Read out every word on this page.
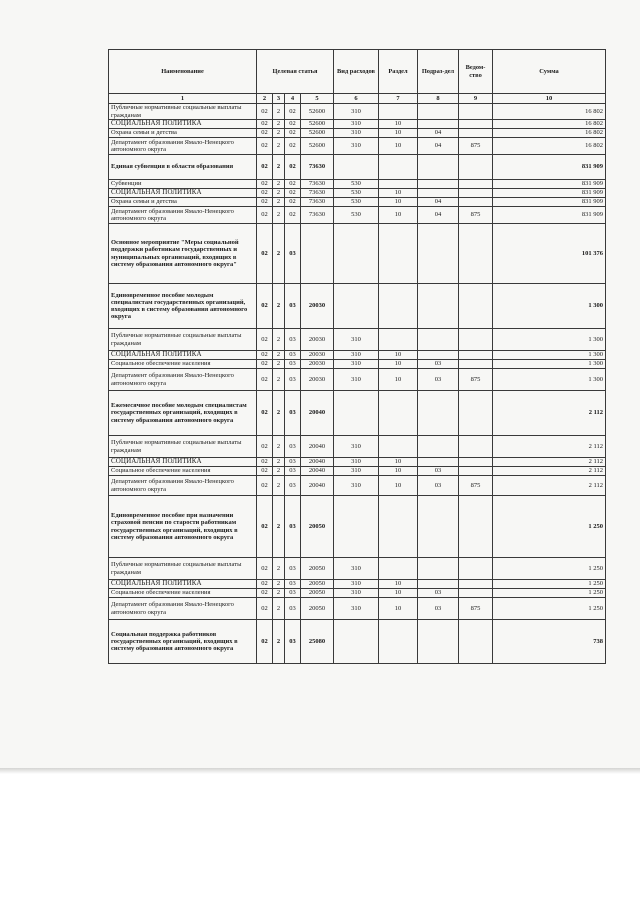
Наименование	Целевая статья				Вид расходов	Раздел	Подраз-дел	Ведом-ство	Сумма
1	2	3	4	5	6	7	8	9	10
Публичные нормативные социальные выплаты гражданам	02	2	02	52600	310				16 802
СОЦИАЛЬНАЯ ПОЛИТИКА	02	2	02	52600	310	10			16 802
Охрана семьи и детства	02	2	02	52600	310	10	04		16 802
Департамент образования Ямало-Ненецкого автономного округа	02	2	02	52600	310	10	04	875	16 802
Единая субвенция в области образования	02	2	02	73630					831 909
Субвенции	02	2	02	73630	530				831 909
СОЦИАЛЬНАЯ ПОЛИТИКА	02	2	02	73630	530	10			831 909
Охрана семьи и детства	02	2	02	73630	530	10	04		831 909
Департамент образования Ямало-Ненецкого автономного округа	02	2	02	73630	530	10	04	875	831 909
Основное мероприятие "Меры социальной поддержки работникам государственных и муниципальных организаций, входящих в систему образования автономного округа"	02	2	03						101 376
Единовременное пособие молодым специалистам государственных организаций, входящих в систему образования автономного округа	02	2	03	20030					1 300
Публичные нормативные социальные выплаты гражданам	02	2	03	20030	310				1 300
СОЦИАЛЬНАЯ ПОЛИТИКА	02	2	03	20030	310	10			1 300
Социальное обеспечение населения	02	2	03	20030	310	10	03		1 300
Департамент образования Ямало-Ненецкого автономного округа	02	2	03	20030	310	10	03	875	1 300
Ежемесячное пособие молодым специалистам государственных организаций, входящих в систему образования автономного округа	02	2	03	20040					2 112
Публичные нормативные социальные выплаты гражданам	02	2	03	20040	310				2 112
СОЦИАЛЬНАЯ ПОЛИТИКА	02	2	03	20040	310	10			2 112
Социальное обеспечение населения	02	2	03	20040	310	10	03		2 112
Департамент образования Ямало-Ненецкого автономного округа	02	2	03	20040	310	10	03	875	2 112
Единовременное пособие при назначении страховой пенсии по старости работникам государственных организаций, входящих в систему образования автономного округа	02	2	03	20050					1 250
Публичные нормативные социальные выплаты гражданам	02	2	03	20050	310				1 250
СОЦИАЛЬНАЯ ПОЛИТИКА	02	2	03	20050	310	10			1 250
Социальное обеспечение населения	02	2	03	20050	310	10	03		1 250
Департамент образования Ямало-Ненецкого автономного округа	02	2	03	20050	310	10	03	875	1 250
Социальная поддержка работников государственных организаций, входящих в систему образования автономного округа	02	2	03	25080					738
